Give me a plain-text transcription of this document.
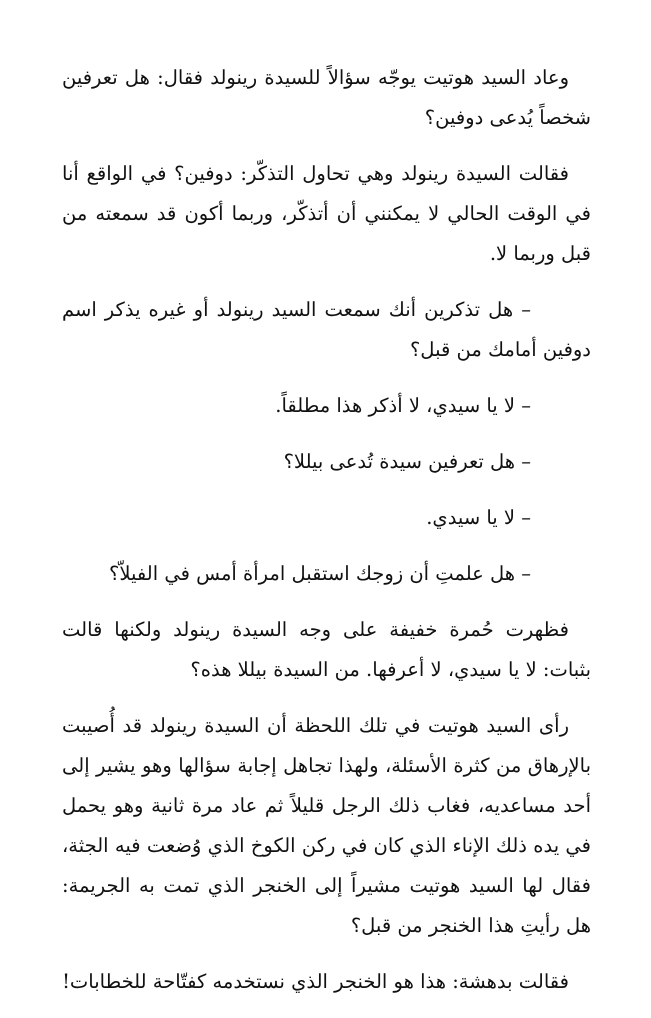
وعاد السيد هوتيت يوجّه سؤالاً للسيدة رينولد فقال: هل تعرفين شخصاً يُدعى دوفين؟

فقالت السيدة رينولد وهي تحاول التذكّر: دوفين؟ في الواقع أنا في الوقت الحالي لا يمكنني أن أتذكّر، وربما أكون قد سمعته من قبل وربما لا.

– هل تذكرين أنك سمعت السيد رينولد أو غيره يذكر اسم دوفين أمامك من قبل؟

– لا يا سيدي، لا أذكر هذا مطلقاً.

– هل تعرفين سيدة تُدعى بيللا؟

– لا يا سيدي.

– هل علمتِ أن زوجك استقبل امرأة أمس في الفيلاّ؟

فظهرت حُمرة خفيفة على وجه السيدة رينولد ولكنها قالت بثبات: لا يا سيدي، لا أعرفها. من السيدة بيللا هذه؟

رأى السيد هوتيت في تلك اللحظة أن السيدة رينولد قد أُصيبت بالإرهاق من كثرة الأسئلة، ولهذا تجاهل إجابة سؤالها وهو يشير إلى أحد مساعديه، فغاب ذلك الرجل قليلاً ثم عاد مرة ثانية وهو يحمل في يده ذلك الإناء الذي كان في ركن الكوخ الذي وُضعت فيه الجثة، فقال لها السيد هوتيت مشيراً إلى الخنجر الذي تمت به الجريمة: هل رأيتِ هذا الخنجر من قبل؟

فقالت بدهشة: هذا هو الخنجر الذي نستخدمه كفتّاحة للخطابات!
